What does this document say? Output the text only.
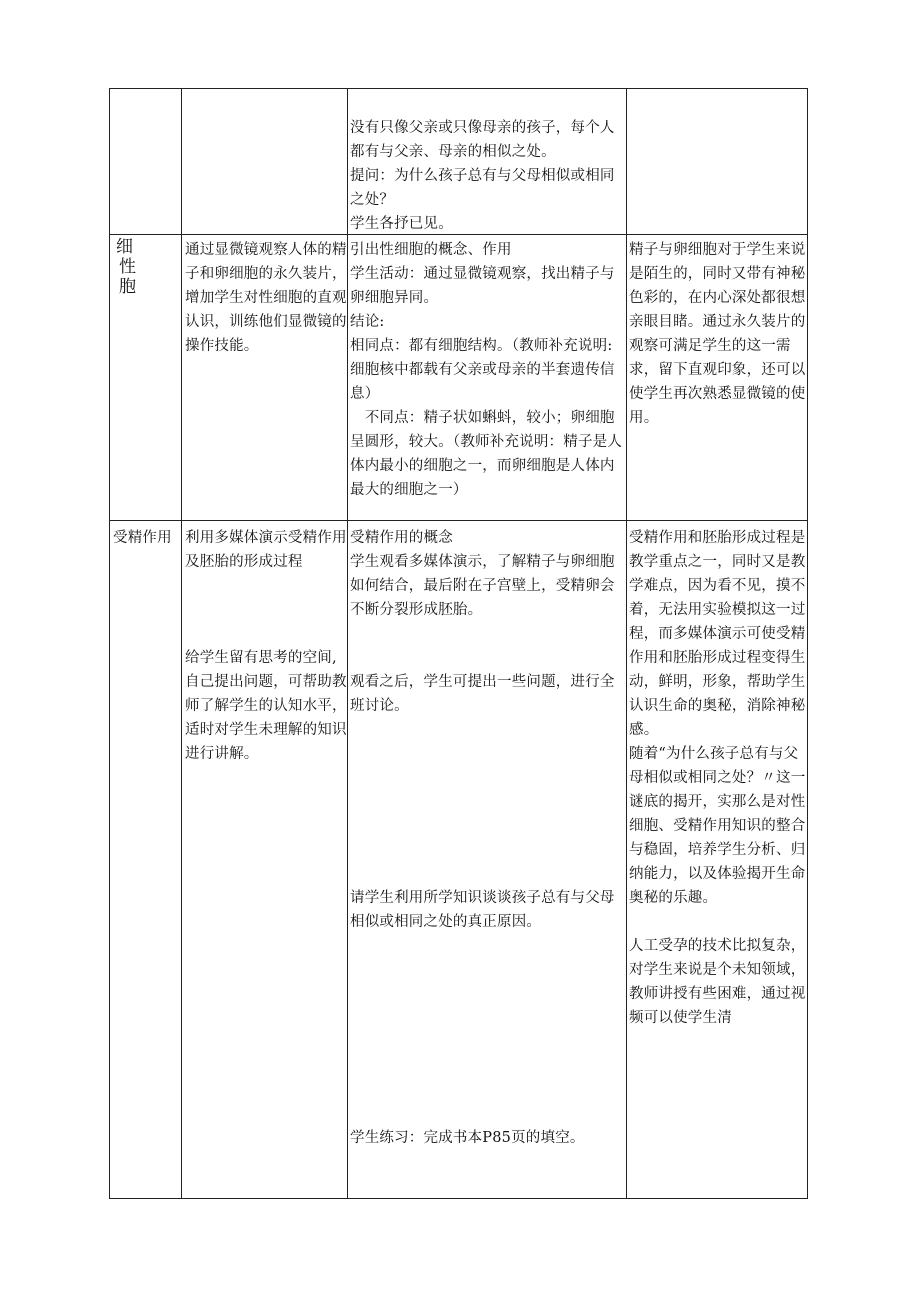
没有只像父亲或只像母亲的孩子，每个人都有与父亲、母亲的相似之处。
提问：为什么孩子总有与父母相似或相同之处？
学生各抒已见。
细
性
胞
通过显微镜观察人体的精子和卵细胞的永久装片，增加学生对性细胞的直观认识，训练他们显微镜的操作技能。
引出性细胞的概念、作用
学生活动：通过显微镜观察，找出精子与卵细胞异同。
结论:
相同点：都有细胞结构。（教师补充说明:细胞核中都载有父亲或母亲的半套遗传信息）
　不同点：精子状如蝌蚪，较小；卵细胞呈圆形，较大。（教师补充说明：精子是人体内最小的细胞之一，而卵细胞是人体内最大的细胞之一）
精子与卵细胞对于学生来说是陌生的，同时又带有神秘色彩的，在内心深处都很想亲眼目睹。通过永久装片的观察可满足学生的这一需求，留下直观印象，还可以使学生再次熟悉显微镜的使用。
受精作用 利用多媒体演示受精作用及胚胎的形成过程
给学生留有思考的空间,自己提出问题，可帮助教师了解学生的认知水平，适时对学生未理解的知识进行讲解。
受精作用的概念
学生观看多媒体演示，了解精子与卵细胞如何结合，最后附在子宫壁上，受精卵会不断分裂形成胚胎。
观看之后，学生可提出一些问题，进行全班讨论。
请学生利用所学知识谈谈孩子总有与父母相似或相同之处的真正原因。
学生练习：完成书本P85页的填空。
受精作用和胚胎形成过程是教学重点之一，同时又是教学难点，因为看不见，摸不着，无法用实验模拟这一过程，而多媒体演示可使受精作用和胚胎形成过程变得生动，鲜明，形象，帮助学生认识生命的奥秘，消除神秘感。
随着“为什么孩子总有与父母相似或相同之处？〃这一谜底的揭开，实那么是对性细胞、受精作用知识的整合与稳固，培养学生分析、归纳能力，以及体验揭开生命奥秘的乐趣。
人工受孕的技术比拟复杂，对学生来说是个未知领域，教师讲授有些困难，通过视频可以使学生清
